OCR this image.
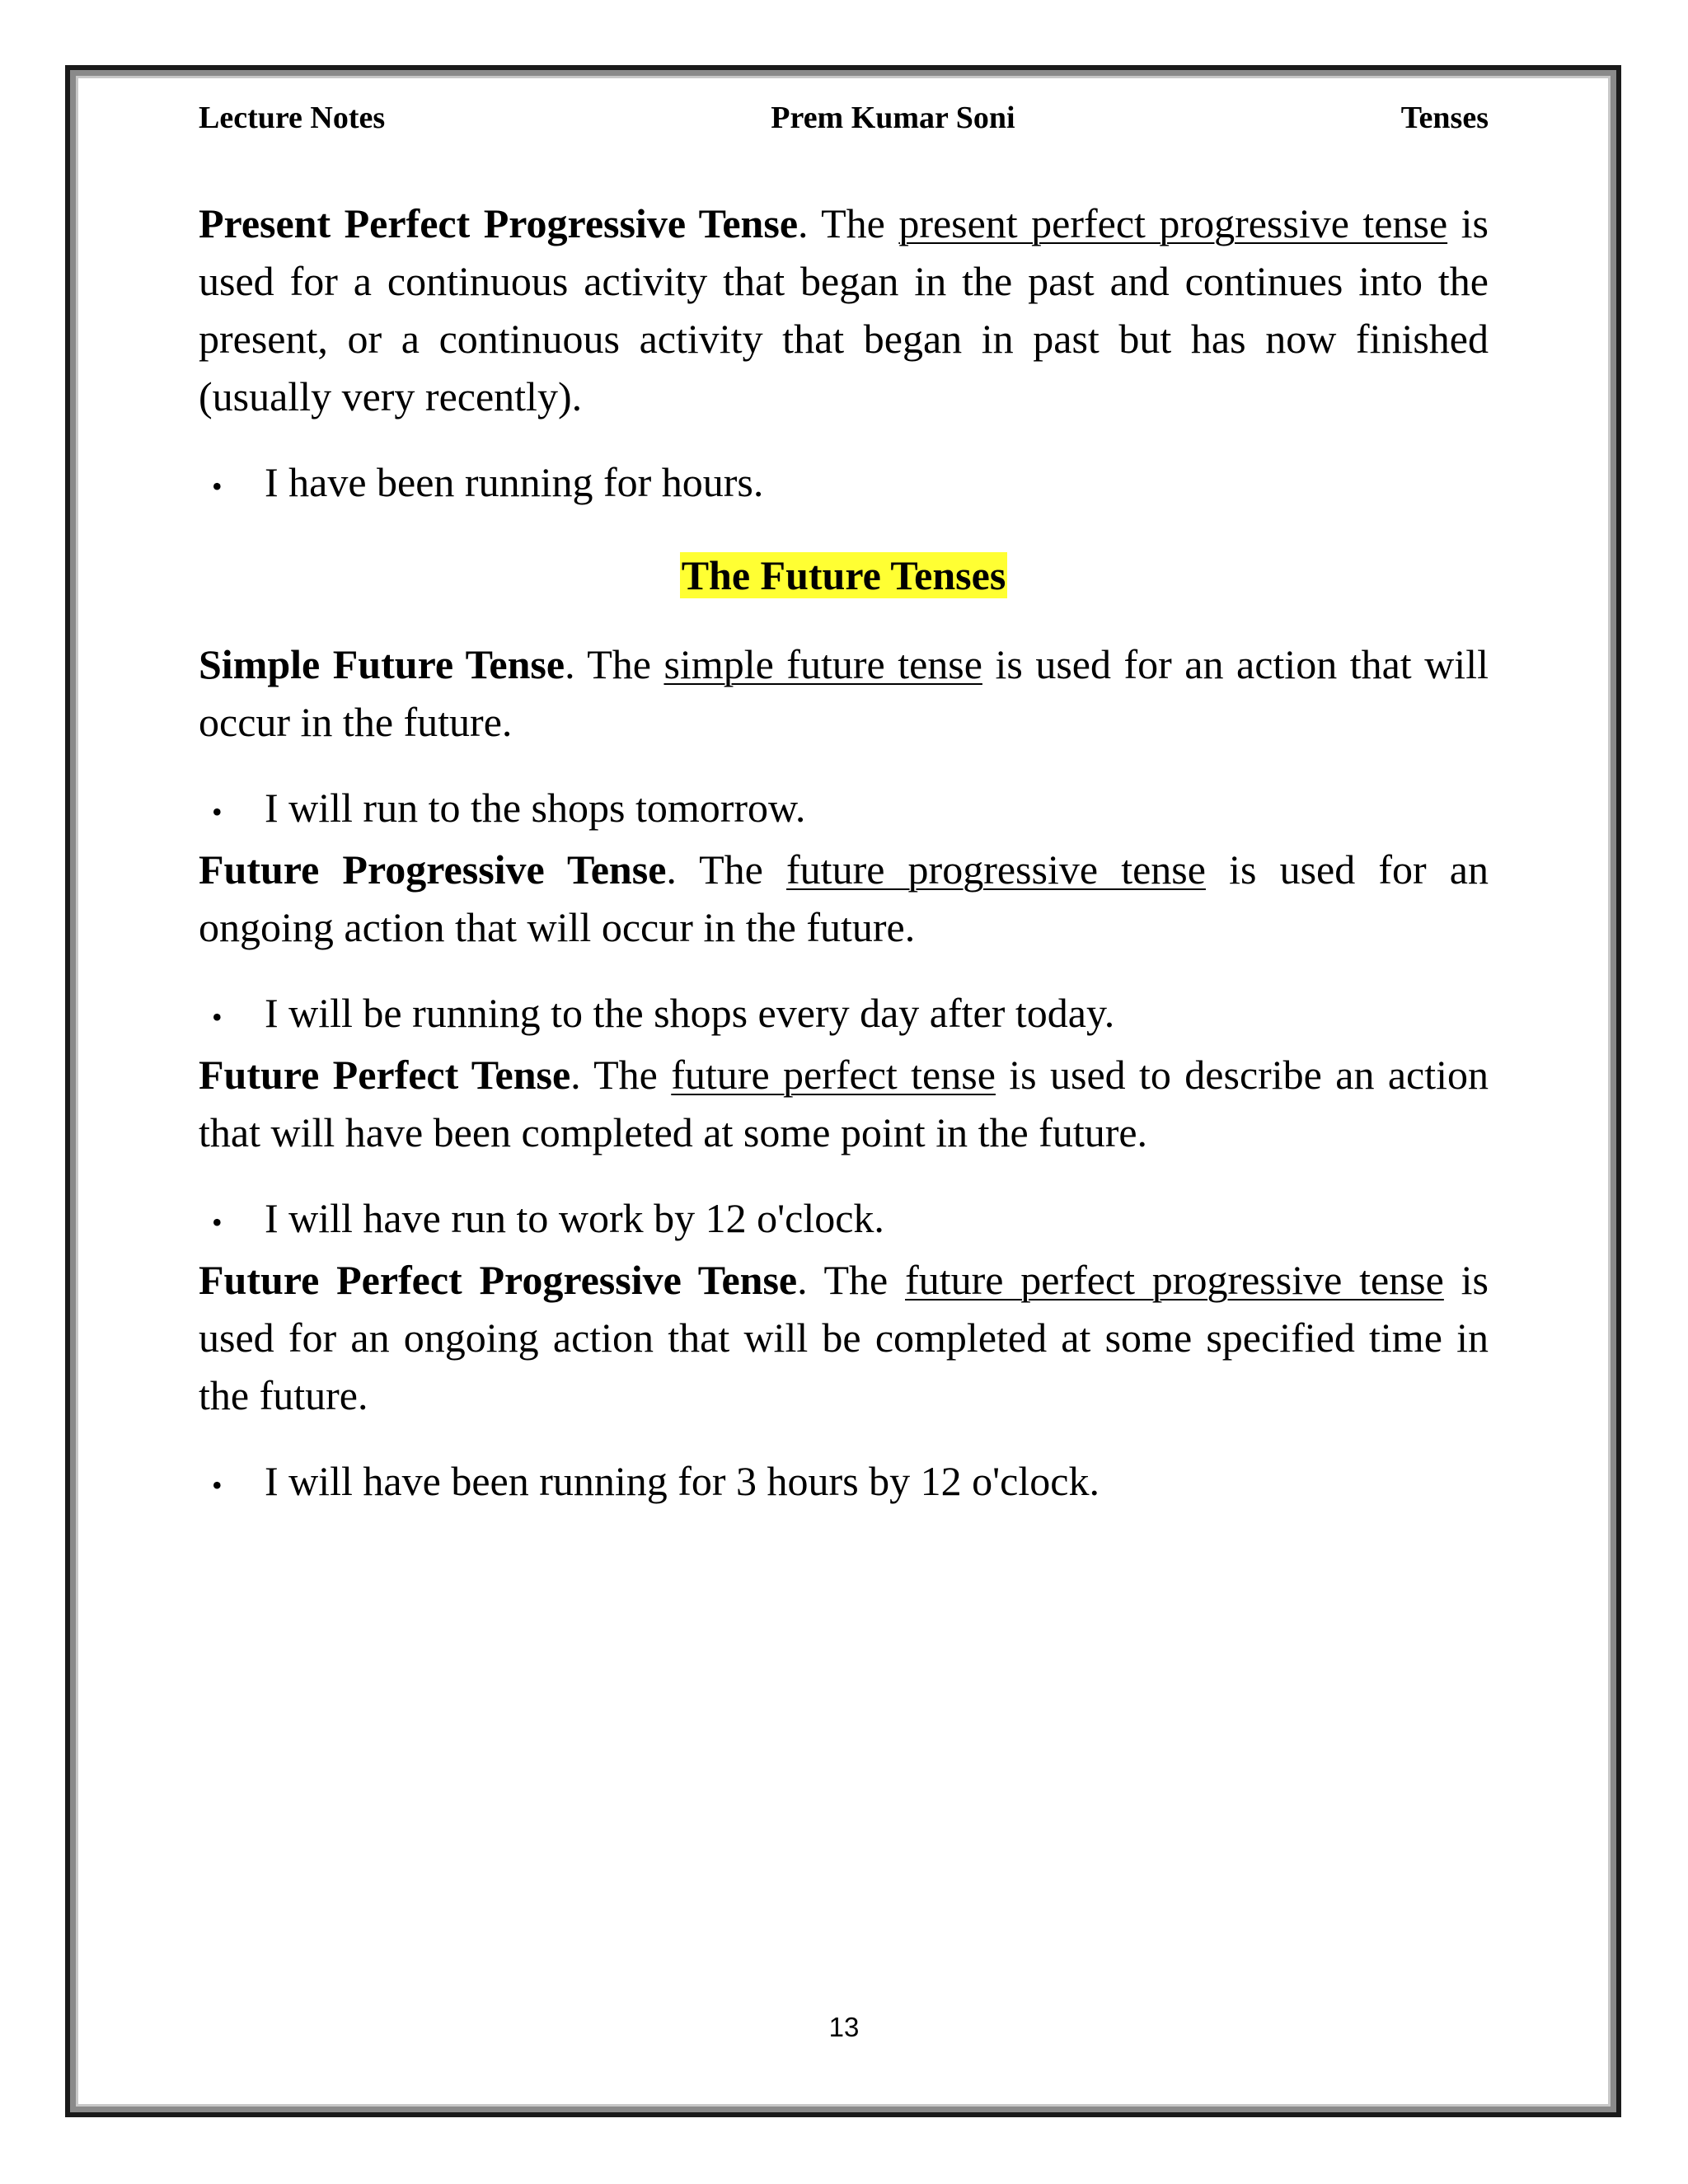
Lecture Notes	Prem Kumar Soni	Tenses

Present Perfect Progressive Tense. The present perfect progressive tense is used for a continuous activity that began in the past and continues into the present, or a continuous activity that began in past but has now finished (usually very recently).

•	I have been running for hours.

The Future Tenses

Simple Future Tense. The simple future tense is used for an action that will occur in the future.

•	I will run to the shops tomorrow.

Future Progressive Tense. The future progressive tense is used for an ongoing action that will occur in the future.

•	I will be running to the shops every day after today.

Future Perfect Tense. The future perfect tense is used to describe an action that will have been completed at some point in the future.

•	I will have run to work by 12 o'clock.

Future Perfect Progressive Tense. The future perfect progressive tense is used for an ongoing action that will be completed at some specified time in the future.

•	I will have been running for 3 hours by 12 o'clock.
13
